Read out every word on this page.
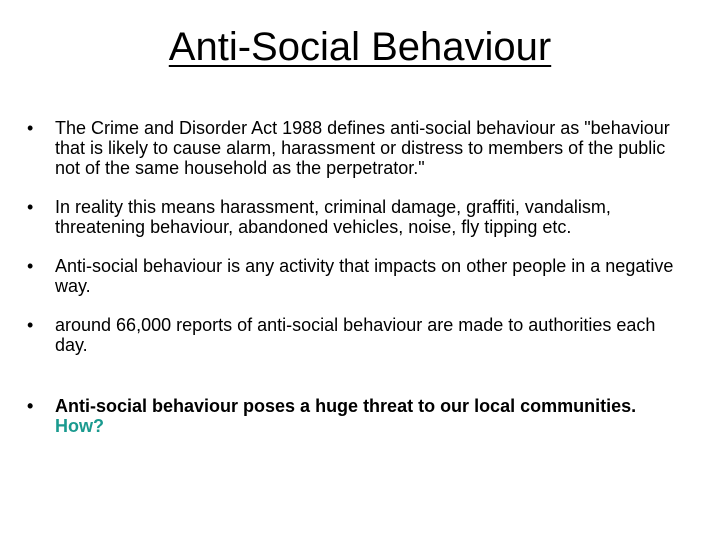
Anti-Social Behaviour
• The Crime and Disorder Act 1988 defines anti-social behaviour as "behaviour that is likely to cause alarm, harassment or distress to members of the public not of the same household as the perpetrator."
• In reality this means harassment, criminal damage, graffiti, vandalism, threatening behaviour, abandoned vehicles, noise, fly tipping etc.
• Anti-social behaviour is any activity that impacts on other people in a negative way.
• around 66,000 reports of anti-social behaviour are made to authorities each day.
• Anti-social behaviour poses a huge threat to our local communities. How?
